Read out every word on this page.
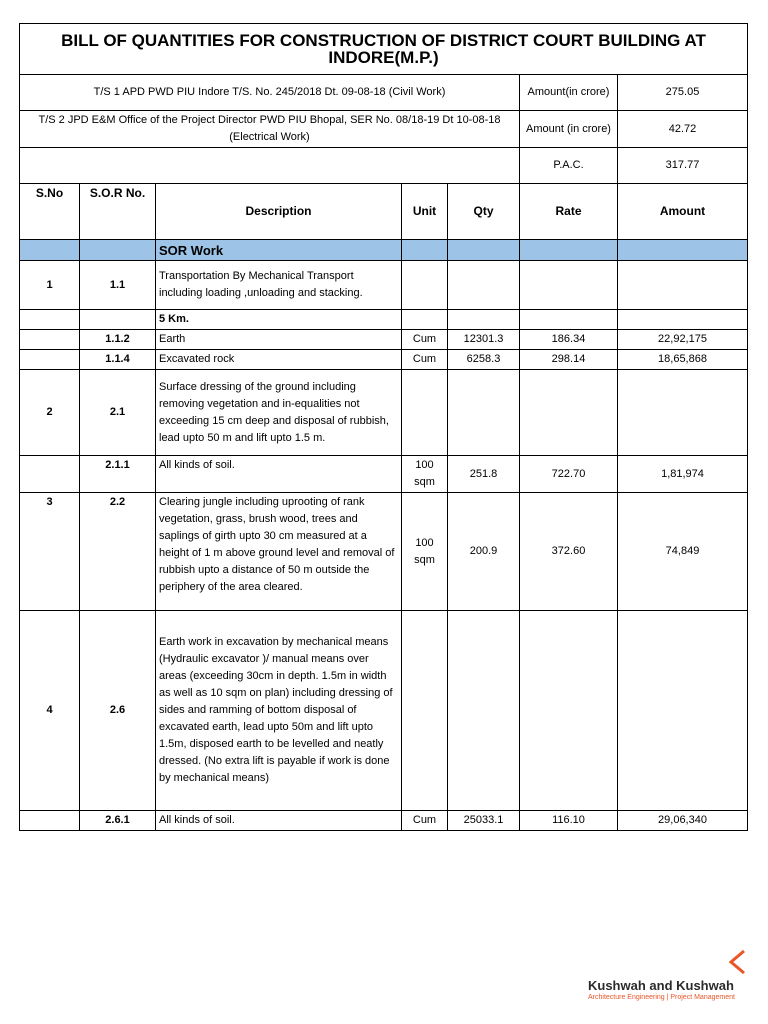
BILL OF QUANTITIES FOR CONSTRUCTION OF DISTRICT COURT BUILDING AT INDORE(M.P.)						
T/S 1 APD PWD PIU Indore T/S. No. 245/2018 Dt. 09-08-18 (Civil Work)					Amount(in crore)	275.05
T/S 2 JPD E&M Office of the Project Director PWD PIU Bhopal, SER No. 08/18-19 Dt 10-08-18 (Electrical Work)					Amount (in crore)	42.72
					P.A.C.	317.77
S.No	S.O.R No.	Description	Unit	Qty	Rate	Amount
		SOR Work				
1	1.1	Transportation By Mechanical Transport including loading ,unloading and stacking.				
		5 Km.				
	1.1.2	Earth	Cum	12301.3	186.34	22,92,175
	1.1.4	Excavated rock	Cum	6258.3	298.14	18,65,868
2	2.1	Surface dressing of the ground including removing vegetation and in-equalities not exceeding 15 cm deep and disposal of rubbish, lead upto 50 m and lift upto 1.5 m.				
	2.1.1	All kinds of soil.	100 sqm	251.8	722.70	1,81,974
3	2.2	Clearing jungle including uprooting of rank vegetation, grass, brush wood, trees and saplings of girth upto 30 cm measured at a height of 1 m above ground level and removal of rubbish upto a distance of 50 m outside the periphery of the area cleared.	100 sqm	200.9	372.60	74,849
4	2.6	Earth work in excavation by mechanical means (Hydraulic excavator )/ manual means over areas (exceeding 30cm in depth. 1.5m in width as well as 10 sqm on plan) including dressing of sides and ramming of bottom disposal of excavated earth, lead upto 50m and lift upto 1.5m, disposed earth to be levelled and neatly dressed. (No extra lift is payable if work is done by mechanical means)				
	2.6.1	All kinds of soil.	Cum	25033.1	116.10	29,06,340
Kushwah and Kushwah
Architecture Engineering | Project Management
